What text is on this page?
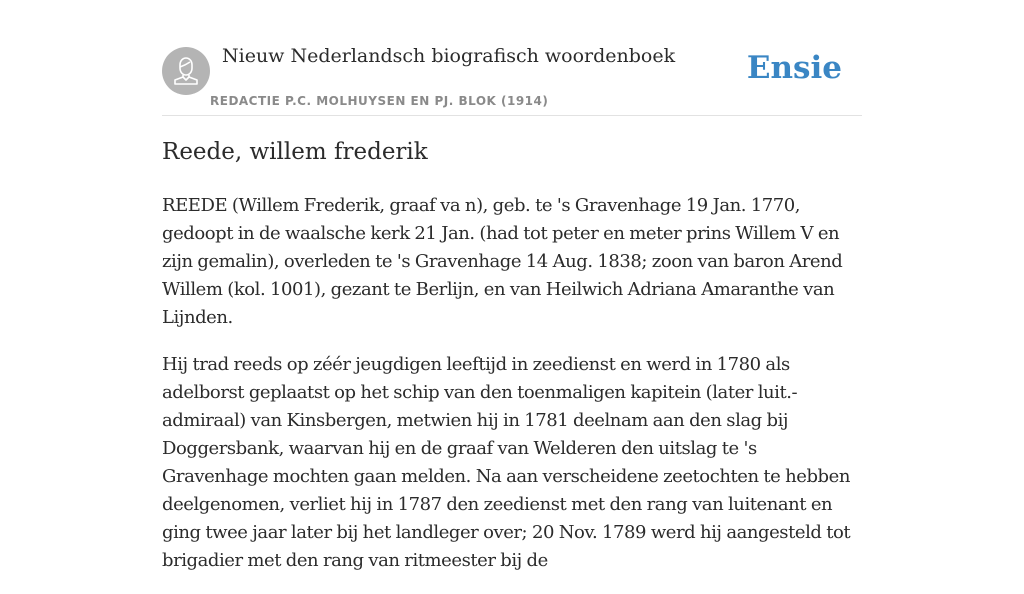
Nieuw Nederlandsch biografisch woordenboek
REDACTIE P.C. MOLHUYSEN EN PJ. BLOK (1914)
Ensie
Reede, willem frederik

REEDE (Willem Frederik, graaf va n), geb. te 's Gravenhage 19 Jan. 1770, gedoopt in de waalsche kerk 21 Jan. (had tot peter en meter prins Willem V en zijn gemalin), overleden te 's Gravenhage 14 Aug. 1838; zoon van baron Arend Willem (kol. 1001), gezant te Berlijn, en van Heilwich Adriana Amaranthe van Lijnden.

Hij trad reeds op zéér jeugdigen leeftijd in zeedienst en werd in 1780 als adelborst geplaatst op het schip van den toenmaligen kapitein (later luit.-admiraal) van Kinsbergen, metwien hij in 1781 deelnam aan den slag bij Doggersbank, waarvan hij en de graaf van Welderen den uitslag te 's Gravenhage mochten gaan melden. Na aan verscheidene zeetochten te hebben deelgenomen, verliet hij in 1787 den zeedienst met den rang van luitenant en ging twee jaar later bij het landleger over; 20 Nov. 1789 werd hij aangesteld tot brigadier met den rang van ritmeester bij de
